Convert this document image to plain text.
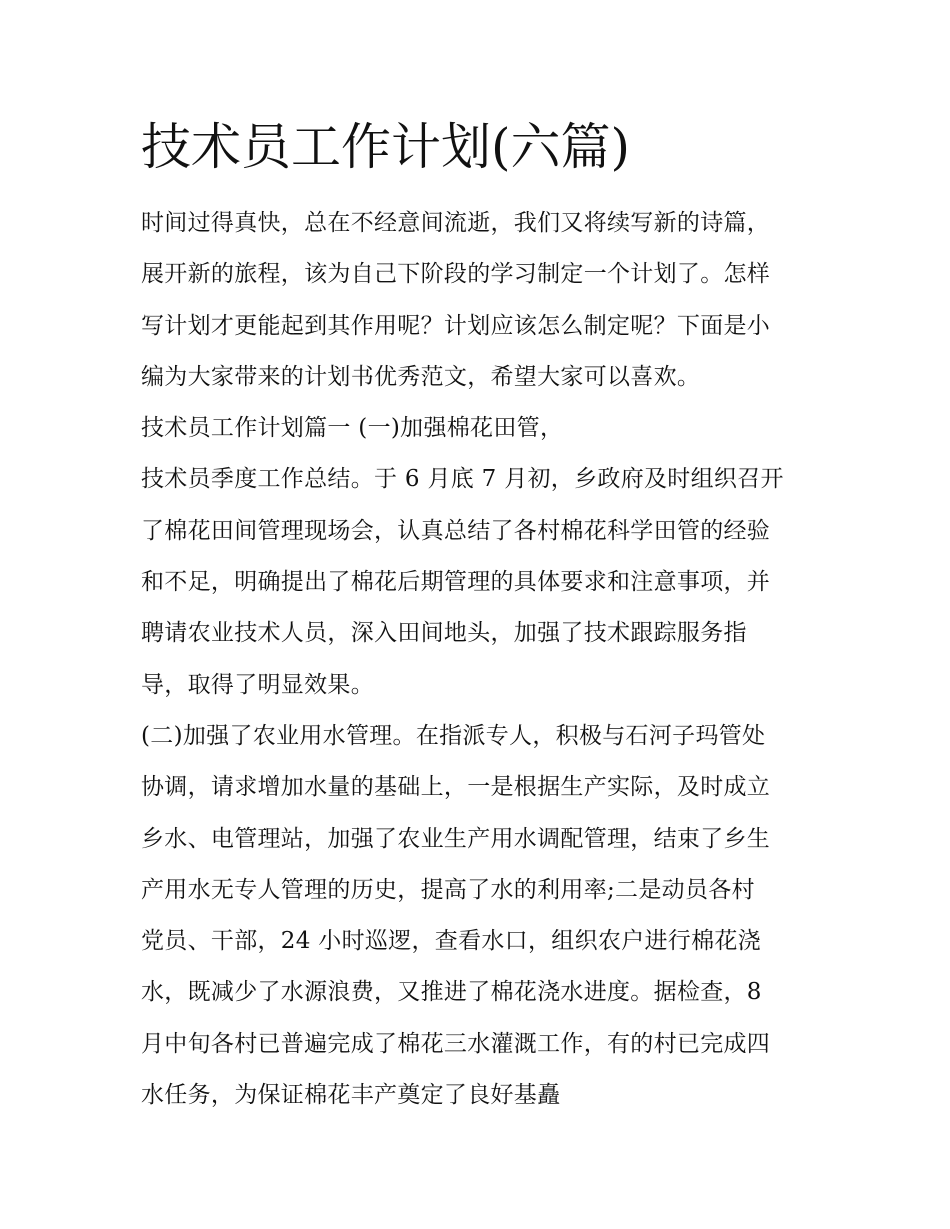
技术员工作计划(六篇)

时间过得真快，总在不经意间流逝，我们又将续写新的诗篇，
展开新的旅程，该为自己下阶段的学习制定一个计划了。怎样
写计划才更能起到其作用呢？计划应该怎么制定呢？下面是小
编为大家带来的计划书优秀范文，希望大家可以喜欢。

技术员工作计划篇一 (一)加强棉花田管，

技术员季度工作总结。于 6 月底 7 月初，乡政府及时组织召开
了棉花田间管理现场会，认真总结了各村棉花科学田管的经验
和不足，明确提出了棉花后期管理的具体要求和注意事项，并
聘请农业技术人员，深入田间地头，加强了技术跟踪服务指
导，取得了明显效果。

(二)加强了农业用水管理。在指派专人，积极与石河子玛管处
协调，请求增加水量的基础上，一是根据生产实际，及时成立
乡水、电管理站，加强了农业生产用水调配管理，结束了乡生
产用水无专人管理的历史，提高了水的利用率;二是动员各村
党员、干部，24 小时巡逻，查看水口，组织农户进行棉花浇
水，既减少了水源浪费，又推进了棉花浇水进度。据检查，8
月中旬各村已普遍完成了棉花三水灌溉工作，有的村已完成四
水任务，为保证棉花丰产奠定了良好基矗
